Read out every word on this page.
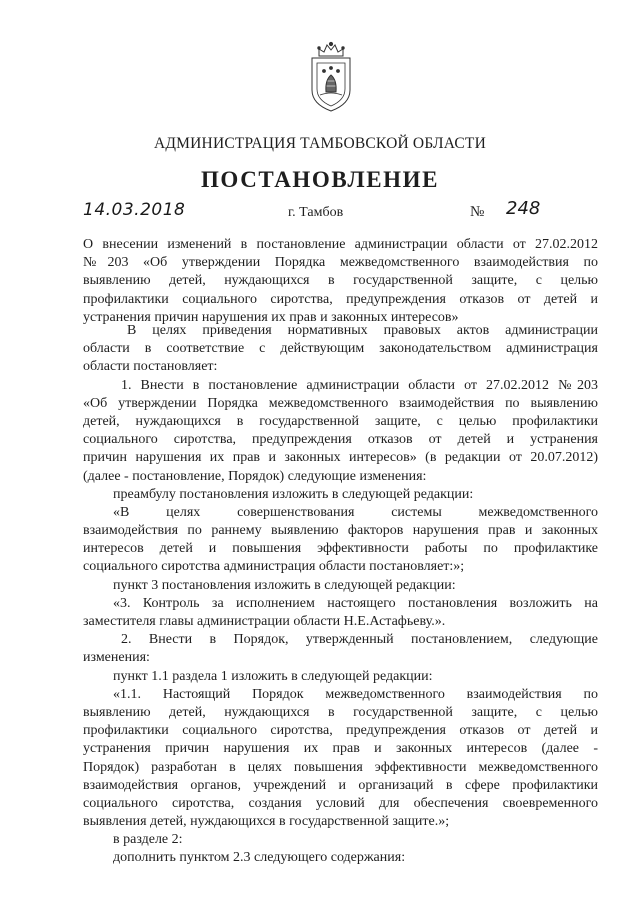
АДМИНИСТРАЦИЯ ТАМБОВСКОЙ ОБЛАСТИ
ПОСТАНОВЛЕНИЕ
14.03.2018	г. Тамбов	№ 248
О внесении изменений в постановление администрации области от 27.02.2012
№203 «Об утверждении Порядка межведомственного взаимодействия по
выявлению детей, нуждающихся в государственной защите, с целью
профилактики социального сиротства, предупреждения отказов от детей и
устранения причин нарушения их прав и законных интересов»
В целях приведения нормативных правовых актов администрации
области в соответствие с действующим законодательством администрация
области постановляет:
1. Внести в постановление администрации области от 27.02.2012 №203
«Об утверждении Порядка межведомственного взаимодействия по выявлению
детей, нуждающихся в государственной защите, с целью профилактики
социального сиротства, предупреждения отказов от детей и устранения
причин нарушения их прав и законных интересов» (в редакции от 20.07.2012)
(далее - постановление, Порядок) следующие изменения:
преамбулу постановления изложить в следующей редакции:
«В целях совершенствования системы межведомственного
взаимодействия по раннему выявлению факторов нарушения прав и законных
интересов детей и повышения эффективности работы по профилактике
социального сиротства администрация области постановляет:»;
пункт 3 постановления изложить в следующей редакции:
«3. Контроль за исполнением настоящего постановления возложить на
заместителя главы администрации области Н.Е.Астафьеву.».
2. Внести в Порядок, утвержденный постановлением, следующие
изменения:
пункт 1.1 раздела 1 изложить в следующей редакции:
«1.1. Настоящий Порядок межведомственного взаимодействия по
выявлению детей, нуждающихся в государственной защите, с целью
профилактики социального сиротства, предупреждения отказов от детей и
устранения причин нарушения их прав и законных интересов (далее -
Порядок) разработан в целях повышения эффективности межведомственного
взаимодействия органов, учреждений и организаций в сфере профилактики
социального сиротства, создания условий для обеспечения своевременного
выявления детей, нуждающихся в государственной защите.»;
в разделе 2:
дополнить пунктом 2.3 следующего содержания:
